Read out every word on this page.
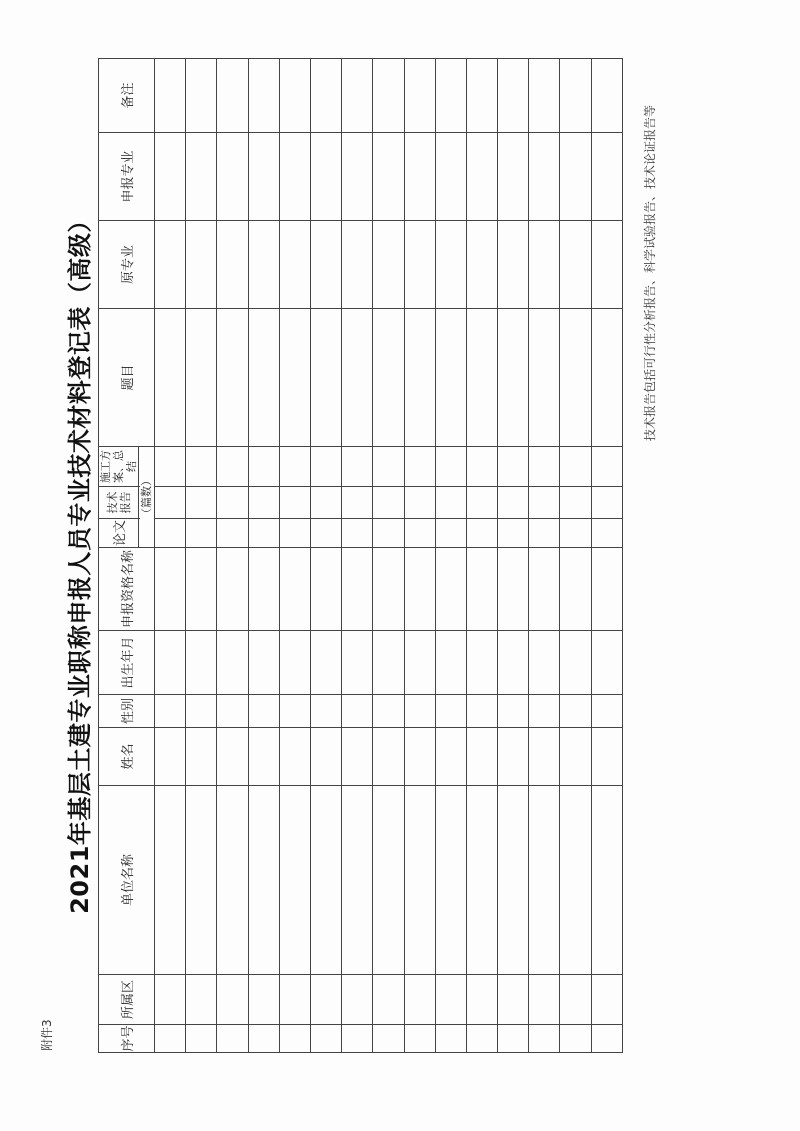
附件3
2021年基层土建专业职称申报人员专业技术材料登记表（高级）
序号	所属区	单位名称	姓名	性别	出生年月	申报资格名称	论文	技术报告	施工方案、总结	题目	原专业	申报专业	备注

							（篇数）						

技术报告包括可行性分析报告、科学试验报告、技术论证报告等
